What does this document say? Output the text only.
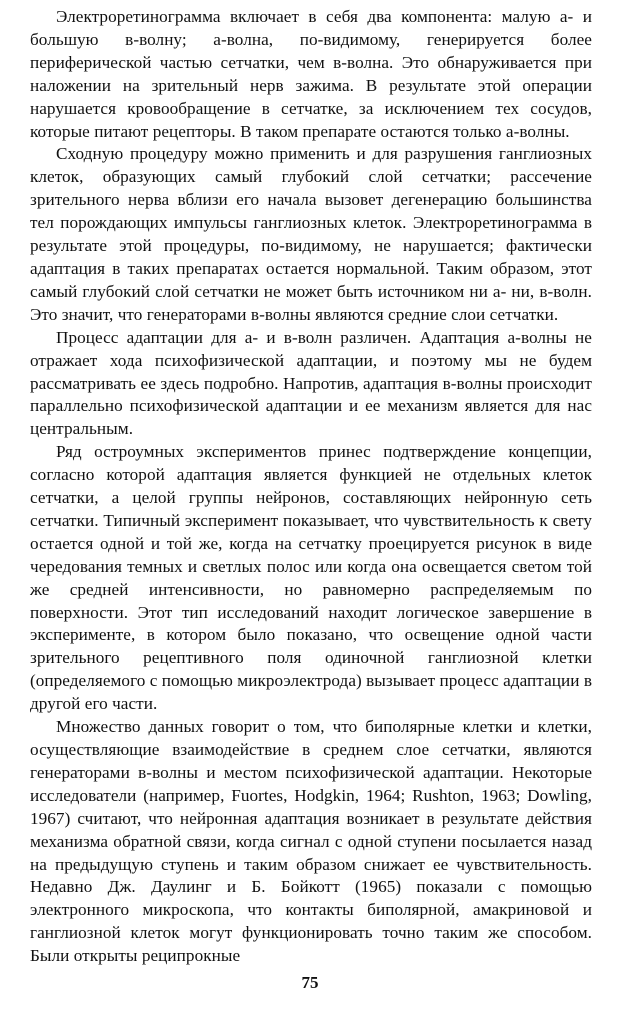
Электроретинограмма включает в себя два компонента: малую а- и большую в-волну; а-волна, по-видимому, генерируется более периферической частью сетчатки, чем в-волна. Это обнаруживается при наложении на зрительный нерв зажима. В результате этой операции нарушается кровообращение в сетчатке, за исключением тех сосудов, которые питают рецепторы. В таком препарате остаются только а-волны.

Сходную процедуру можно применить и для разрушения ганглиозных клеток, образующих самый глубокий слой сетчатки; рассечение зрительного нерва вблизи его начала вызовет дегенерацию большинства тел порождающих импульсы ганглиозных клеток. Электроретинограмма в результате этой процедуры, по-видимому, не нарушается; фактически адаптация в таких препаратах остается нормальной. Таким образом, этот самый глубокий слой сетчатки не может быть источником ни а- ни, в-волн. Это значит, что генераторами в-волны являются средние слои сетчатки.

Процесс адаптации для а- и в-волн различен. Адаптация а-волны не отражает хода психофизической адаптации, и поэтому мы не будем рассматривать ее здесь подробно. Напротив, адаптация в-волны происходит параллельно психофизической адаптации и ее механизм является для нас центральным.

Ряд остроумных экспериментов принес подтверждение концепции, согласно которой адаптация является функцией не отдельных клеток сетчатки, а целой группы нейронов, составляющих нейронную сеть сетчатки. Типичный эксперимент показывает, что чувствительность к свету остается одной и той же, когда на сетчатку проецируется рисунок в виде чередования темных и светлых полос или когда она освещается светом той же средней интенсивности, но равномерно распределяемым по поверхности. Этот тип исследований находит логическое завершение в эксперименте, в котором было показано, что освещение одной части зрительного рецептивного поля одиночной ганглиозной клетки (определяемого с помощью микроэлектрода) вызывает процесс адаптации в другой его части.

Множество данных говорит о том, что биполярные клетки и клетки, осуществляющие взаимодействие в среднем слое сетчатки, являются генераторами в-волны и местом психофизической адаптации. Некоторые исследователи (например, Fuortes, Hodgkin, 1964; Rushton, 1963; Dowling, 1967) считают, что нейронная адаптация возникает в результате действия механизма обратной связи, когда сигнал с одной ступени посылается назад на предыдущую ступень и таким образом снижает ее чувствительность. Недавно Дж. Даулинг и Б. Бойкотт (1965) показали с помощью электронного микроскопа, что контакты биполярной, амакриновой и ганглиозной клеток могут функционировать точно таким же способом. Были открыты реципрокные

75
